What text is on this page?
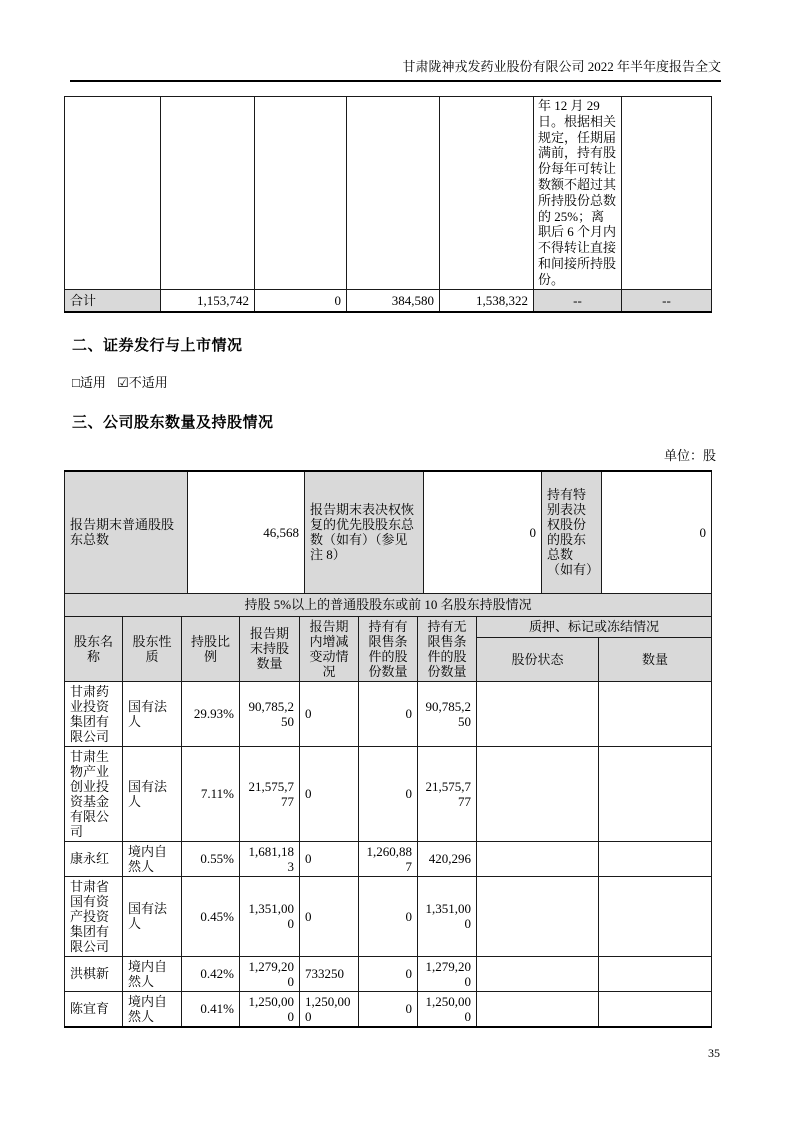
甘肃陇神戎发药业股份有限公司 2022 年半年度报告全文
					年 12 月 29 日。根据相关规定，任期届满前，持有股份每年可转让数额不超过其所持股份总数的 25%；离职后 6 个月内不得转让直接和间接所持股份。	
合计	1,153,742	0	384,580	1,538,322	--	--
二、证券发行与上市情况
□适用 ☑不适用
三、公司股东数量及持股情况
单位：股
报告期末普通股股东总数	46,568	报告期末表决权恢复的优先股股东总数（如有）（参见注 8）	0	持有特别表决权股份的股东总数（如有）	0
持股 5%以上的普通股股东或前 10 名股东持股情况								
股东名称	股东性质	持股比例	报告期末持股数量	报告期内增减变动情况	持有有限售条件的股份数量	持有无限售条件的股份数量	质押、标记或冻结情况	
							股份状态	数量
甘肃药业投资集团有限公司	国有法人	29.93%	90,785,250	0	0	90,785,250		
甘肃生物产业创业投资基金有限公司	国有法人	7.11%	21,575,777	0	0	21,575,777		
康永红	境内自然人	0.55%	1,681,183	0	1,260,887	420,296		
甘肃省国有资产投资集团有限公司	国有法人	0.45%	1,351,000	0	0	1,351,000		
洪棋新	境内自然人	0.42%	1,279,200	733250	0	1,279,200		
陈宜育	境内自然人	0.41%	1,250,000	1,250,000	0	1,250,000		
35
